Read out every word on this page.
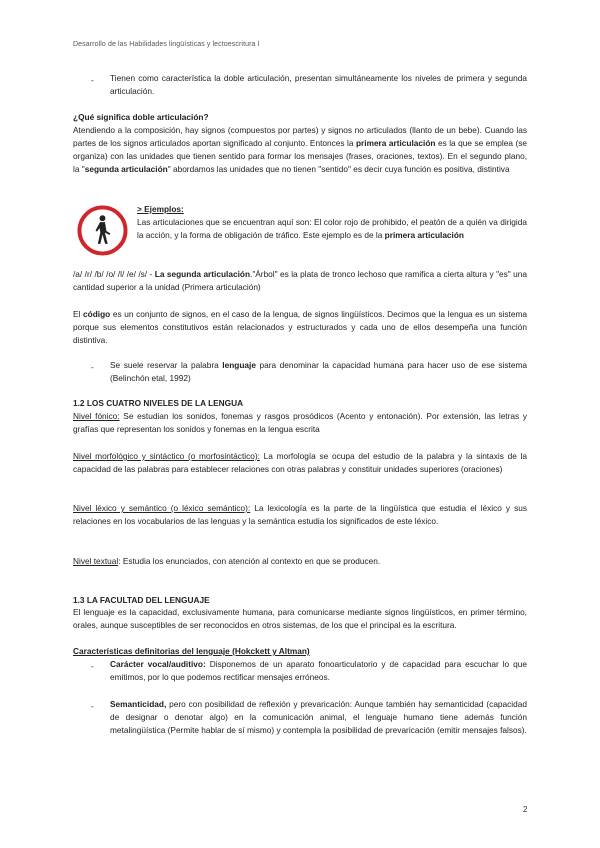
Desarrollo de las Habilidades lingüísticas y lectoescritura I
- Tienen como característica la doble articulación, presentan simultáneamente los niveles de primera y segunda articulación.
¿Qué significa doble articulación?
Atendiendo a la composición, hay signos (compuestos por partes) y signos no articulados (llanto de un bebe). Cuando las partes de los signos articulados aportan significado al conjunto. Entonces la primera articulación es la que se emplea (se organiza) con las unidades que tienen sentido para formar los mensajes (frases, oraciones, textos). En el segundo plano, la "segunda articulación" abordamos las unidades que no tienen "sentido" es decir cuya función es positiva, distintiva
> Ejemplos:
Las articulaciones que se encuentran aquí son: El color rojo de prohibido, el peatón de a quién va dirigida la acción, y la forma de obligación de tráfico. Este ejemplo es de la primera articulación
/a/ /r/ /b/ /o/ /l/ /e/ /s/ - La segunda articulación."Árbol" es la plata de tronco lechoso que ramifica a cierta altura y "es" una cantidad superior a la unidad (Primera articulación)
El código es un conjunto de signos, en el caso de la lengua, de signos lingüísticos. Decimos que la lengua es un sistema porque sus elementos constitutivos están relacionados y estructurados y cada uno de ellos desempeña una función distintiva.
- Se suele reservar la palabra lenguaje para denominar la capacidad humana para hacer uso de ese sistema (Belinchón etal, 1992)
1.2 LOS CUATRO NIVELES DE LA LENGUA
Nivel fónico: Se estudian los sonidos, fonemas y rasgos prosódicos (Acento y entonación). Por extensión, las letras y grafías que representan los sonidos y fonemas en la lengua escrita
Nivel morfológico y sintáctico (o morfosintáctico): La morfología se ocupa del estudio de la palabra y la sintaxis de la capacidad de las palabras para establecer relaciones con otras palabras y constituir unidades superiores (oraciones)
Nivel léxico y semántico (o léxico semántico): La lexicología es la parte de la lingüística que estudia el léxico y sus relaciones en los vocabularios de las lenguas y la semántica estudia los significados de este léxico.
Nivel textual: Estudia los enunciados, con atención al contexto en que se producen.
1.3 LA FACULTAD DEL LENGUAJE
El lenguaje es la capacidad, exclusivamente humana, para comunicarse mediante signos lingüísticos, en primer término, orales, aunque susceptibles de ser reconocidos en otros sistemas, de los que el principal es la escritura.
Características definitorias del lenguaje (Hokckett y Altman)
- Carácter vocal/auditivo: Disponemos de un aparato fonoarticulatorio y de capacidad para escuchar lo que emitimos, por lo que podemos rectificar mensajes erróneos.
- Semanticidad, pero con posibilidad de reflexión y prevaricación: Aunque también hay semanticidad (capacidad de designar o denotar algo) en la comunicación animal, el lenguaje humano tiene además función metalingüística (Permite hablar de sí mismo) y contempla la posibilidad de prevaricación (emitir mensajes falsos).
2
